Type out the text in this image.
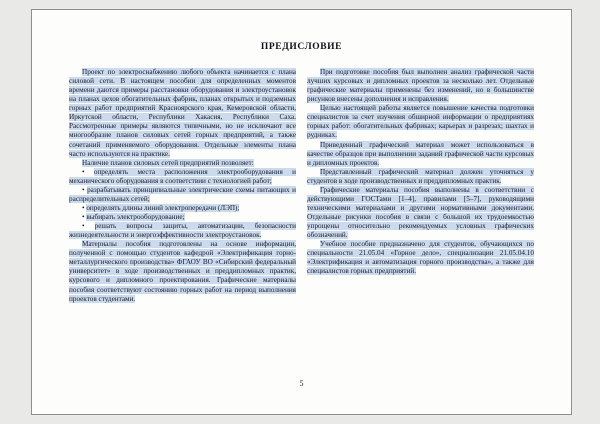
ПРЕДИСЛОВИЕ
Проект по электроснабжению любого объекта начинается с плана силовой сети. В настоящем пособии для определенных моментов времени даются примеры расстановки оборудования и электроустановок на планах цехов обогатительных фабрик, планах открытых и подземных горных работ предприятий Красноярского края, Кемеровской области, Иркутской области, Республики Хакасия, Республики Саха. Рассмотренные примеры являются типичными, но не исключают все многообразие планов силовых сетей горных предприятий, а также сочетаний применяемого оборудования. Отдельные элементы плана часто используются на практике.
Наличие планов силовых сетей предприятий позволяет:
• определять места расположения электрооборудования и механического оборудования в соответствии с технологией работ;
• разрабатывать принципиальные электрические схемы питающих и распределительных сетей;
• определять длины линий электропередачи (ЛЭП);
• выбирать электрооборудование;
• решать вопросы защиты, автоматизации, безопасности жизнедеятельности и энергоэффективности электроустановок.
Материалы пособия подготовлены на основе информации, полученной с помощью студентов кафедрой «Электрификация горно-металлургического производства» ФГАОУ ВО «Сибирский федеральный университет» в ходе производственных и преддипломных практик, курсового и дипломного проектирования. Графические материалы пособия соответствуют состоянию горных работ на период выполнения проектов студентами.
При подготовке пособия был выполнен анализ графической части лучших курсовых и дипломных проектов за несколько лет. Отдельные графические материалы применены без изменений, но в большинстве рисунков внесены дополнения и исправления.
Целью настоящей работы является повышение качества подготовки специалистов за счет изучения обширной информации о предприятиях горных работ: обогатительных фабриках; карьерах и разрезах; шахтах и рудниках.
Приведенный графический материал может использоваться в качестве образцов при выполнении заданий графической части курсовых и дипломных проектов.
Представленный графический материал должен уточняться у студентов в ходе производственных и преддипломных практик.
Графические материалы пособия выполнены в соответствии с действующими ГОСТами [1–4], правилами [5–7], руководящими техническими материалами и другими нормативными документами. Отдельные рисунки пособия в связи с большой их трудоемкостью упрощены относительно рекомендуемых условных графических обозначений.
Учебное пособие предназначено для студентов, обучающихся по специальности 21.05.04 «Горное дело», специализации 21.05.04.10 «Электрификация и автоматизация горного производства», а также для специалистов горных предприятий.
5
